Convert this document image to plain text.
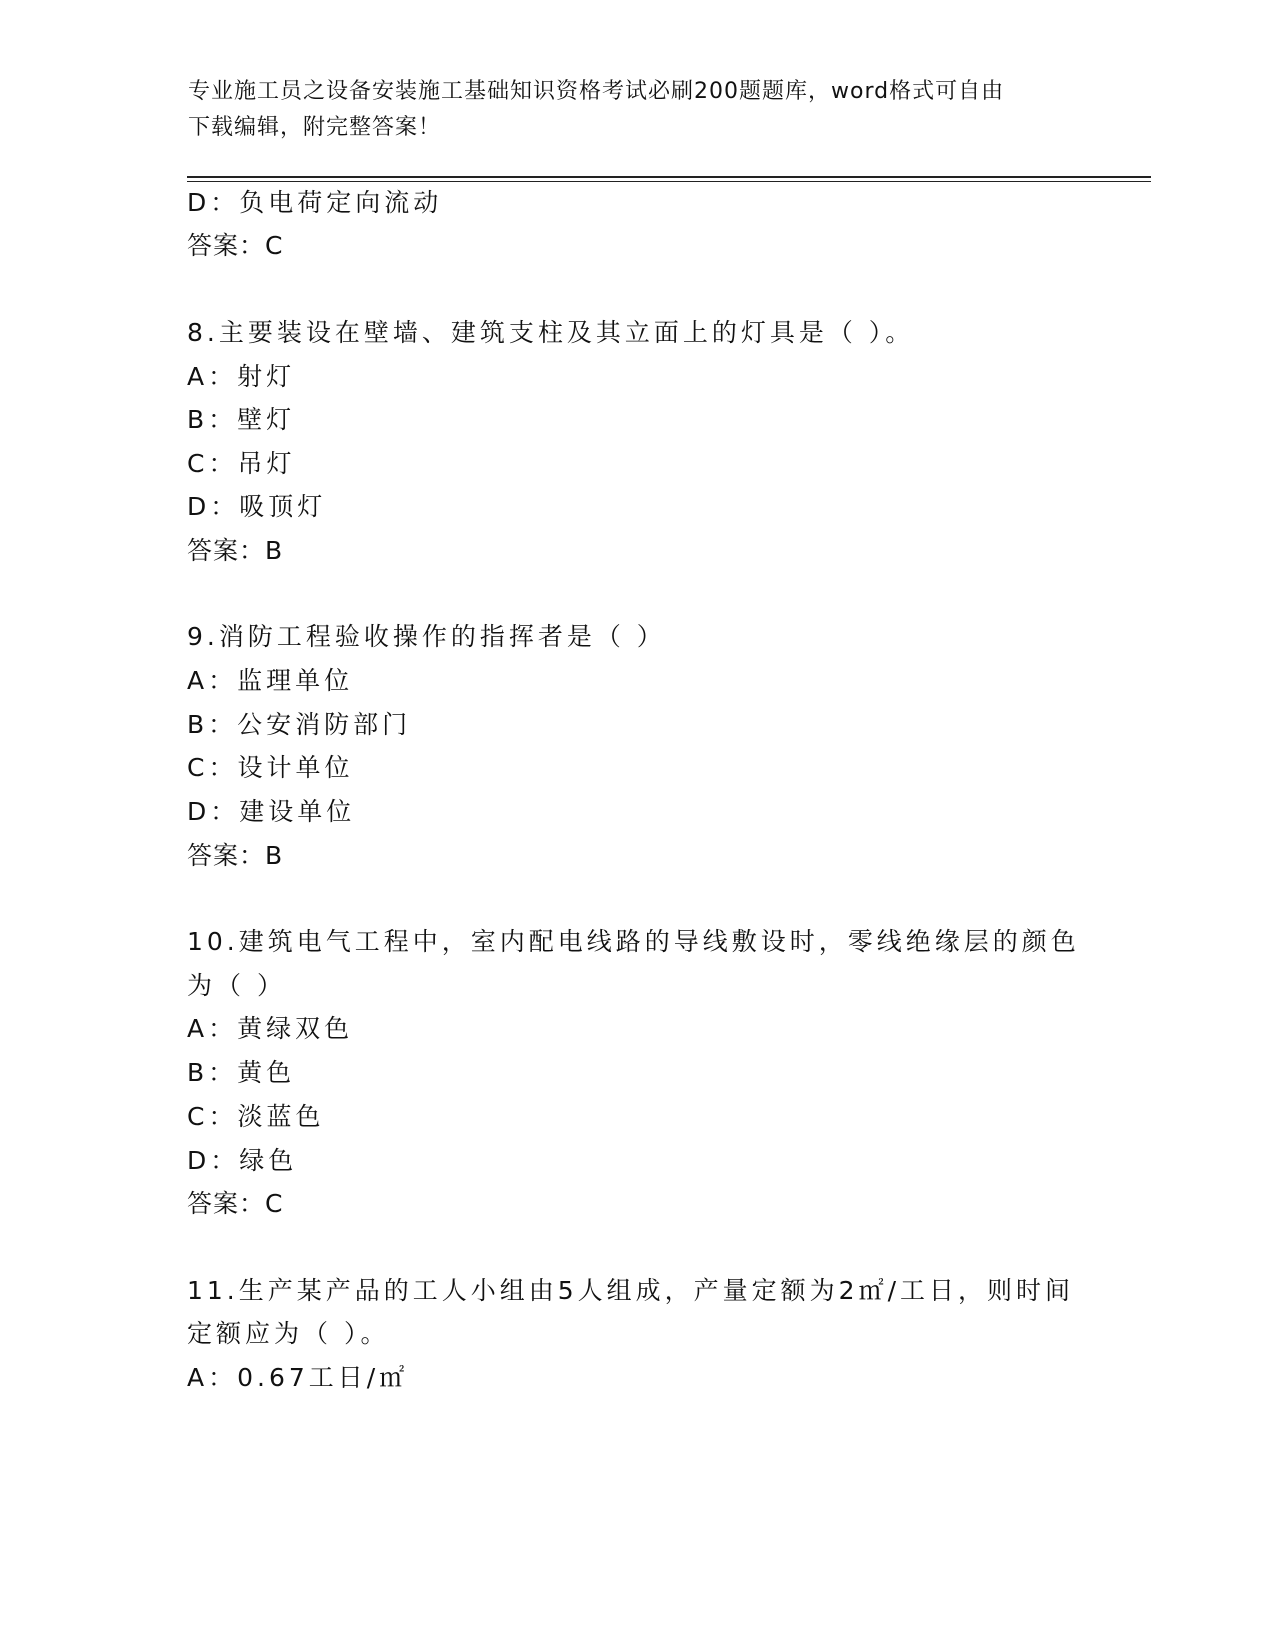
专业施工员之设备安装施工基础知识资格考试必刷200题题库，word格式可自由
下载编辑，附完整答案！
D：负电荷定向流动
答案：C
8.主要装设在壁墙、建筑支柱及其立面上的灯具是（ ）。
A：射灯
B：壁灯
C：吊灯
D：吸顶灯
答案：B
9.消防工程验收操作的指挥者是（ ）
A：监理单位
B：公安消防部门
C：设计单位
D：建设单位
答案：B
10.建筑电气工程中，室内配电线路的导线敷设时，零线绝缘层的颜色
为（ ）
A：黄绿双色
B：黄色
C：淡蓝色
D：绿色
答案：C
11.生产某产品的工人小组由5人组成，产量定额为2㎡/工日，则时间
定额应为（ ）。
A：0.67工日/㎡
